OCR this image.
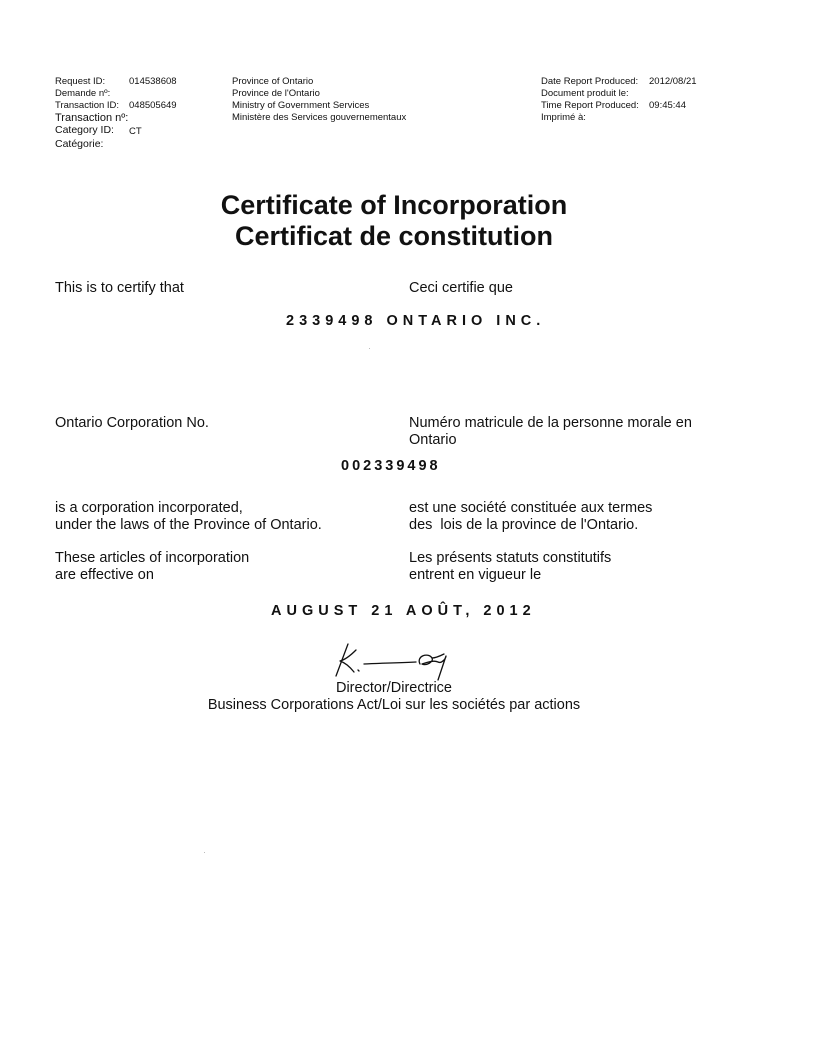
Request ID:	014538608
Demande nº:
Transaction ID:	048505649
Transaction nº:
Category ID:	CT
Catégorie:
Province of Ontario
Province de l'Ontario
Ministry of Government Services
Ministère des Services gouvernementaux
Date Report Produced:	2012/08/21
Document produit le:
Time Report Produced:	09:45:44
Imprimé à:
Certificate of Incorporation
Certificat de constitution
This is to certify that	Ceci certifie que
2339498 ONTARIO INC.
Ontario Corporation No.	Numéro matricule de la personne morale en
Ontario
002339498
is a corporation incorporated,
under the laws of the Province of Ontario.
est une société constituée aux termes
des  lois de la province de l'Ontario.
These articles of incorporation
are effective on
Les présents statuts constitutifs
entrent en vigueur le
AUGUST 21 AOÛT, 2012
Director/Directrice
Business Corporations Act/Loi sur les sociétés par actions
